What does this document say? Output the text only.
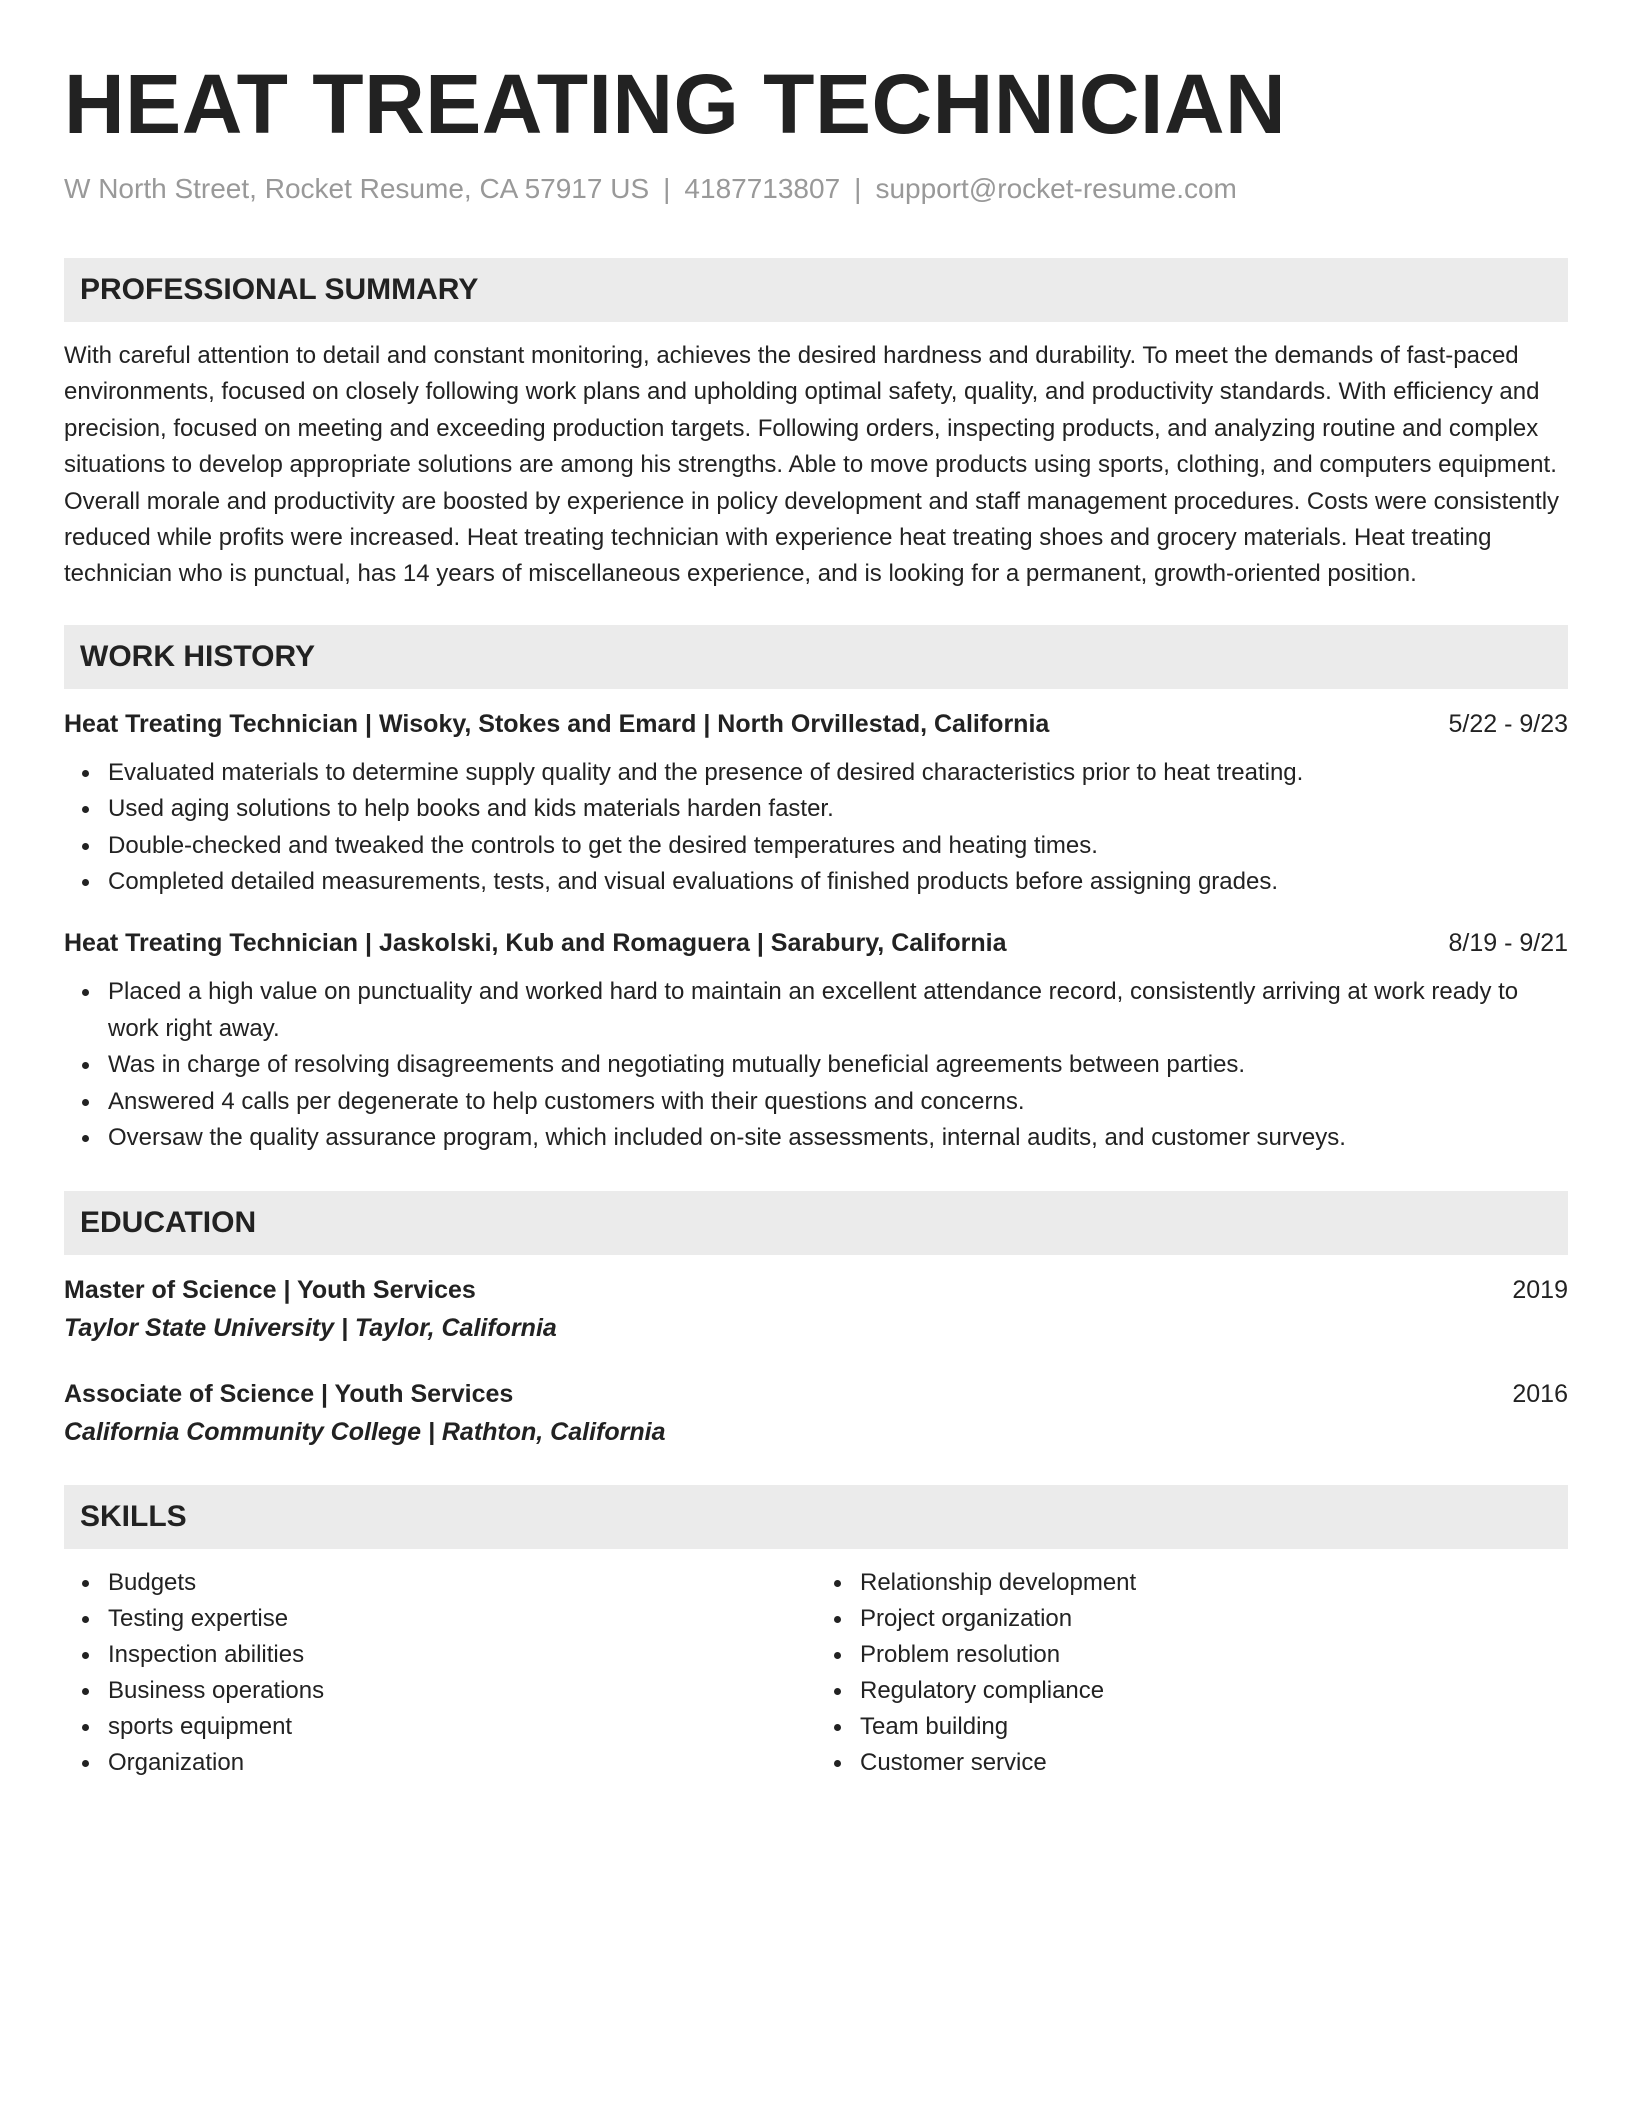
HEAT TREATING TECHNICIAN
W North Street, Rocket Resume, CA 57917 US | 4187713807 | support@rocket-resume.com
PROFESSIONAL SUMMARY
With careful attention to detail and constant monitoring, achieves the desired hardness and durability. To meet the demands of fast-paced environments, focused on closely following work plans and upholding optimal safety, quality, and productivity standards. With efficiency and precision, focused on meeting and exceeding production targets. Following orders, inspecting products, and analyzing routine and complex situations to develop appropriate solutions are among his strengths. Able to move products using sports, clothing, and computers equipment. Overall morale and productivity are boosted by experience in policy development and staff management procedures. Costs were consistently reduced while profits were increased. Heat treating technician with experience heat treating shoes and grocery materials. Heat treating technician who is punctual, has 14 years of miscellaneous experience, and is looking for a permanent, growth-oriented position.
WORK HISTORY
Heat Treating Technician | Wisoky, Stokes and Emard | North Orvillestad, California	5/22 - 9/23
Evaluated materials to determine supply quality and the presence of desired characteristics prior to heat treating.
Used aging solutions to help books and kids materials harden faster.
Double-checked and tweaked the controls to get the desired temperatures and heating times.
Completed detailed measurements, tests, and visual evaluations of finished products before assigning grades.
Heat Treating Technician | Jaskolski, Kub and Romaguera | Sarabury, California	8/19 - 9/21
Placed a high value on punctuality and worked hard to maintain an excellent attendance record, consistently arriving at work ready to work right away.
Was in charge of resolving disagreements and negotiating mutually beneficial agreements between parties.
Answered 4 calls per degenerate to help customers with their questions and concerns.
Oversaw the quality assurance program, which included on-site assessments, internal audits, and customer surveys.
EDUCATION
Master of Science | Youth Services	2019
Taylor State University | Taylor, California
Associate of Science | Youth Services	2016
California Community College | Rathton, California
SKILLS
Budgets
Testing expertise
Inspection abilities
Business operations
sports equipment
Organization
Relationship development
Project organization
Problem resolution
Regulatory compliance
Team building
Customer service
